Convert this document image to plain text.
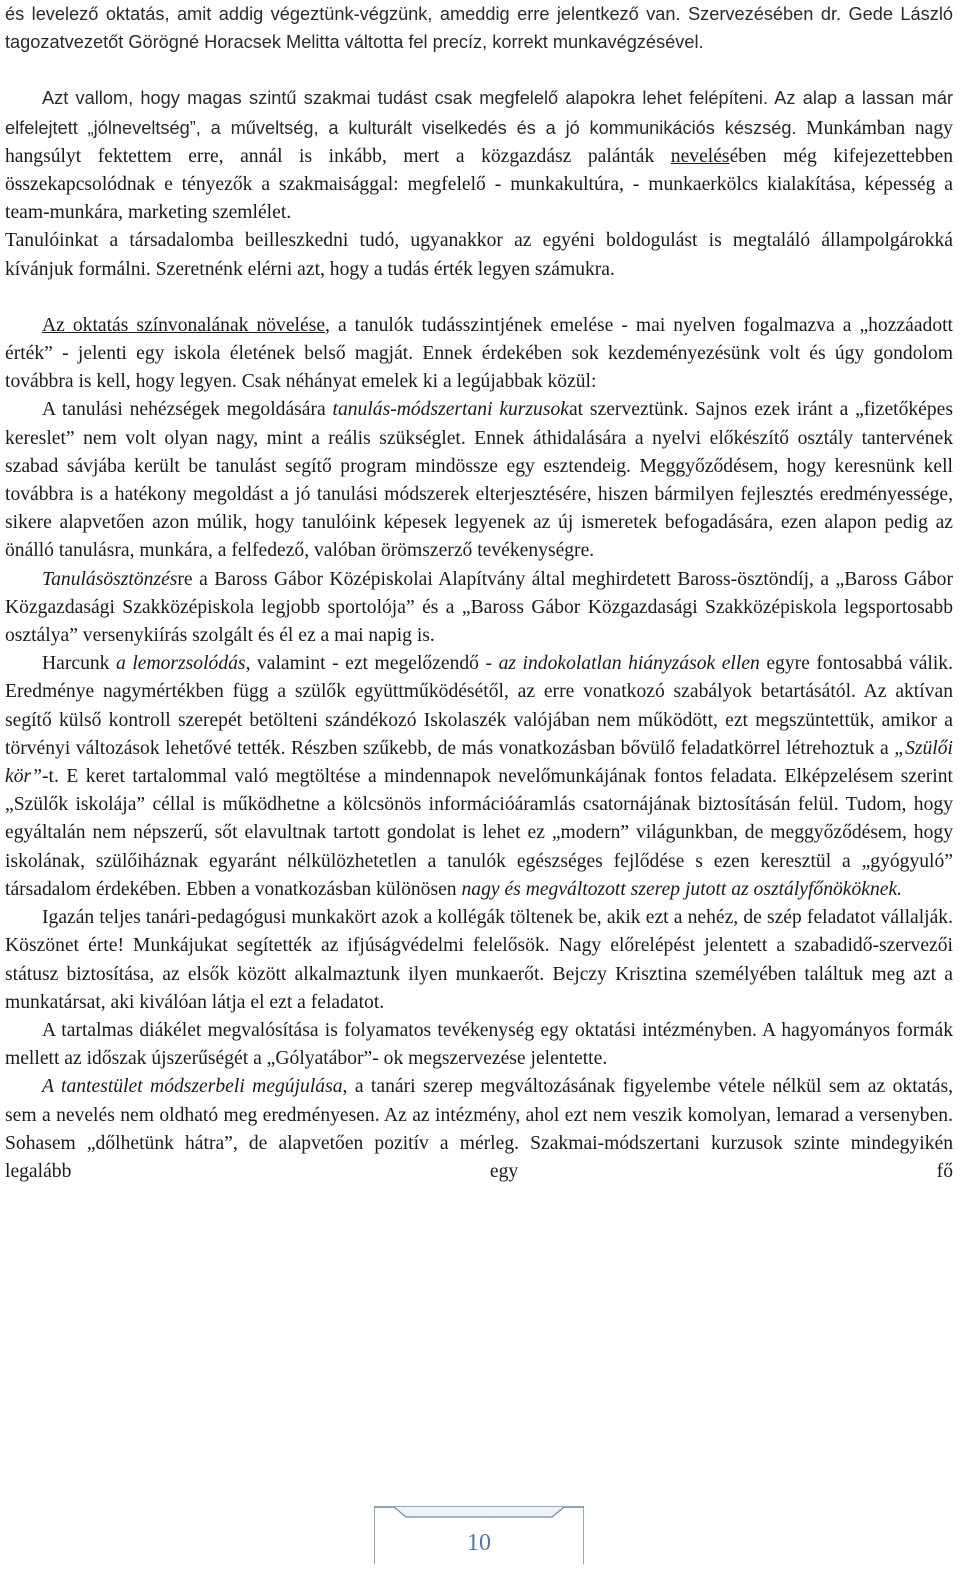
és levelező oktatás, amit addig végeztünk-végzünk, ameddig erre jelentkező van. Szervezésében dr. Gede László tagozatvezetőt Görögné Horacsek Melitta váltotta fel precíz, korrekt munkavégzésével.

Azt vallom, hogy magas szintű szakmai tudást csak megfelelő alapokra lehet felépíteni. Az alap a lassan már elfelejtett „jólneveltség”, a műveltség, a kulturált viselkedés és a jó kommunikációs készség. Munkámban nagy hangsúlyt fektettem erre, annál is inkább, mert a közgazdász palánták nevelésében még kifejezettebben összekapcsolódnak e tényezők a szakmaisággal: megfelelő - munkakultúra, - munkaerkölcs kialakítása, képesség a team-munkára, marketing szemlélet.

Tanulóinkat a társadalomba beilleszkedni tudó, ugyanakkor az egyéni boldogulást is megtaláló állampolgárokká kívánjuk formálni. Szeretnénk elérni azt, hogy a tudás érték legyen számukra.

Az oktatás színvonalának növelése, a tanulók tudásszintjének emelése - mai nyelven fogalmazva a „hozzáadott érték” - jelenti egy iskola életének belső magját. Ennek érdekében sok kezdeményezésünk volt és úgy gondolom továbbra is kell, hogy legyen. Csak néhányat emelek ki a legújabbak közül:

A tanulási nehézségek megoldására tanulás-módszertani kurzusokat szerveztünk. Sajnos ezek iránt a „fizetőképes kereslet” nem volt olyan nagy, mint a reális szükséglet. Ennek áthidalására a nyelvi előkészítő osztály tantervének szabad sávjába került be tanulást segítő program mindössze egy esztendeig. Meggyőződésem, hogy keresnünk kell továbbra is a hatékony megoldást a jó tanulási módszerek elterjesztésére, hiszen bármilyen fejlesztés eredményessége, sikere alapvetően azon múlik, hogy tanulóink képesek legyenek az új ismeretek befogadására, ezen alapon pedig az önálló tanulásra, munkára, a felfedező, valóban örömszerző tevékenységre.

Tanulásösztönzésre a Baross Gábor Középiskolai Alapítvány által meghirdetett Baross-ösztöndíj, a „Baross Gábor Közgazdasági Szakközépiskola legjobb sportolója” és a „Baross Gábor Közgazdasági Szakközépiskola legsportosabb osztálya” versenykiírás szolgált és él ez a mai napig is.

Harcunk a lemorzsolódás, valamint - ezt megelőzendő - az indokolatlan hiányzások ellen egyre fontosabbá válik. Eredménye nagymértékben függ a szülők együttműködésétől, az erre vonatkozó szabályok betartásától. Az aktívan segítő külső kontroll szerepét betölteni szándékozó Iskolaszék valójában nem működött, ezt megszüntettük, amikor a törvényi változások lehetővé tették. Részben szűkebb, de más vonatkozásban bővülő feladatkörrel létrehoztuk a „Szülői kör”-t. E keret tartalommal való megtöltése a mindennapok nevelőmunkájának fontos feladata. Elképzelésem szerint „Szülők iskolája” céllal is működhetne a kölcsönös információáramlás csatornájának biztosításán felül. Tudom, hogy egyáltalán nem népszerű, sőt elavultnak tartott gondolat is lehet ez „modern” világunkban, de meggyőződésem, hogy iskolának, szülőiháznak egyaránt nélkülözhetetlen a tanulók egészséges fejlődése s ezen keresztül a „gyógyuló” társadalom érdekében. Ebben a vonatkozásban különösen nagy és megváltozott szerep jutott az osztályfőnököknek.

Igazán teljes tanári-pedagógusi munkakört azok a kollégák töltenek be, akik ezt a nehéz, de szép feladatot vállalják. Köszönet érte! Munkájukat segítették az ifjúságvédelmi felelősök. Nagy előrelépést jelentett a szabadidő-szervezői státusz biztosítása, az elsők között alkalmaztunk ilyen munkaerőt. Bejczy Krisztina személyében találtuk meg azt a munkatársat, aki kiválóan látja el ezt a feladatot.

A tartalmas diákélet megvalósítása is folyamatos tevékenység egy oktatási intézményben. A hagyományos formák mellett az időszak újszerűségét a „Gólyatábor”- ok megszervezése jelentette.

A tantestület módszerbeli megújulása, a tanári szerep megváltozásának figyelembe vétele nélkül sem az oktatás, sem a nevelés nem oldható meg eredményesen. Az az intézmény, ahol ezt nem veszik komolyan, lemarad a versenyben. Sohasem „dőlhetünk hátra”, de alapvetően pozitív a mérleg. Szakmai-módszertani kurzusok szinte mindegyikén legalább egy fő

10
